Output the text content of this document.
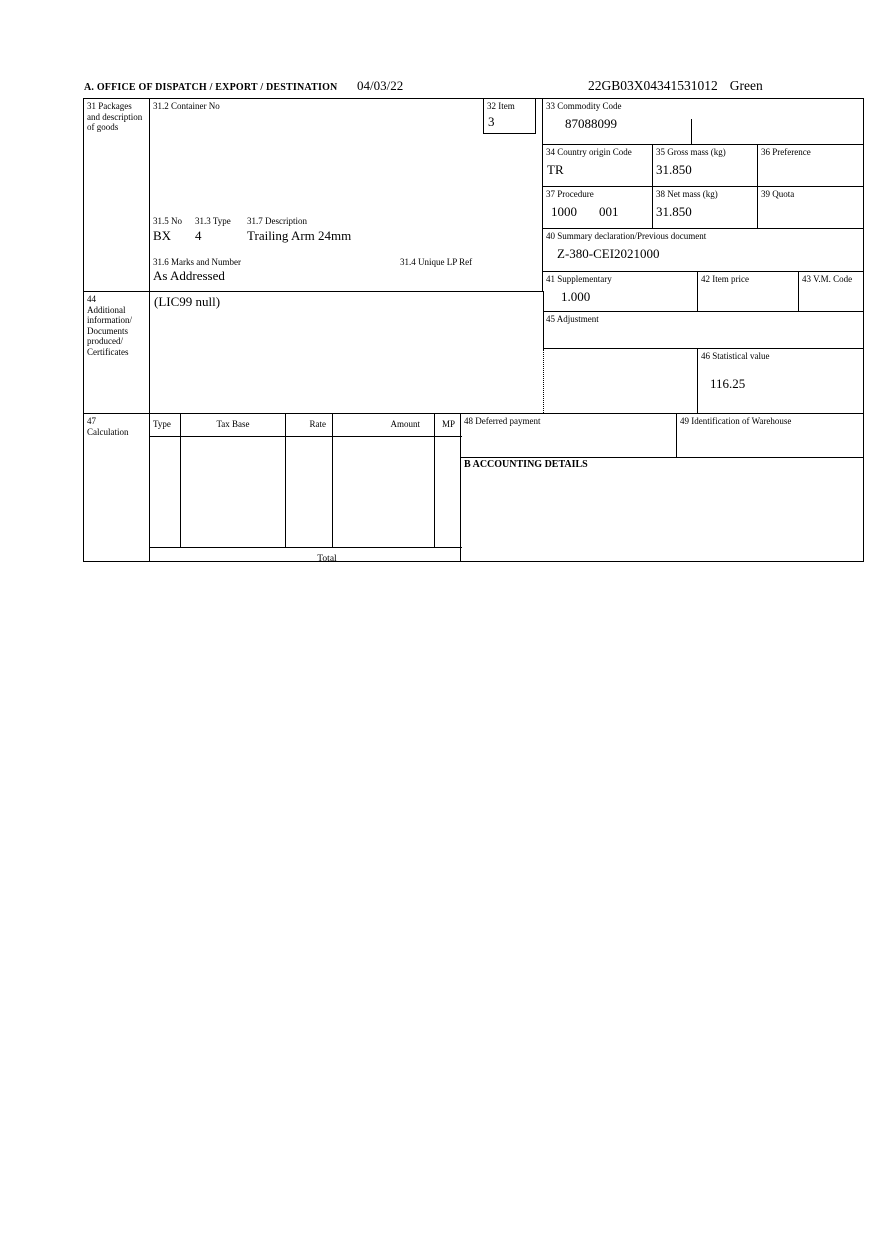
A. OFFICE OF DISPATCH / EXPORT / DESTINATION 04/03/22	22GB03X04341531012 Green
31 Packages and description of goods
44
Additional information/ Documents produced/ Certificates
47
Calculation
31.2 Container No	32 Item
3
31.5 No	31.3 Type	31.7 Description
BX 4	Trailing Arm 24mm
31.6 Marks and Number	31.4 Unique LP Ref
As Addressed
(LIC99 null)
33 Commodity Code
87088099
34 Country origin Code
TR
35 Gross mass (kg)
31.850
36 Preference
37 Procedure
1000 001
38 Net mass (kg)
31.850
39 Quota
40 Summary declaration/Previous document
Z-380-CEI2021000
41 Supplementary
1.000
42 Item price	43 V.M. Code
45 Adjustment
46 Statistical value
116.25
Type	Tax Base	Rate	Amount	MP
Total
48 Deferred payment	49 Identification of Warehouse
B ACCOUNTING DETAILS
